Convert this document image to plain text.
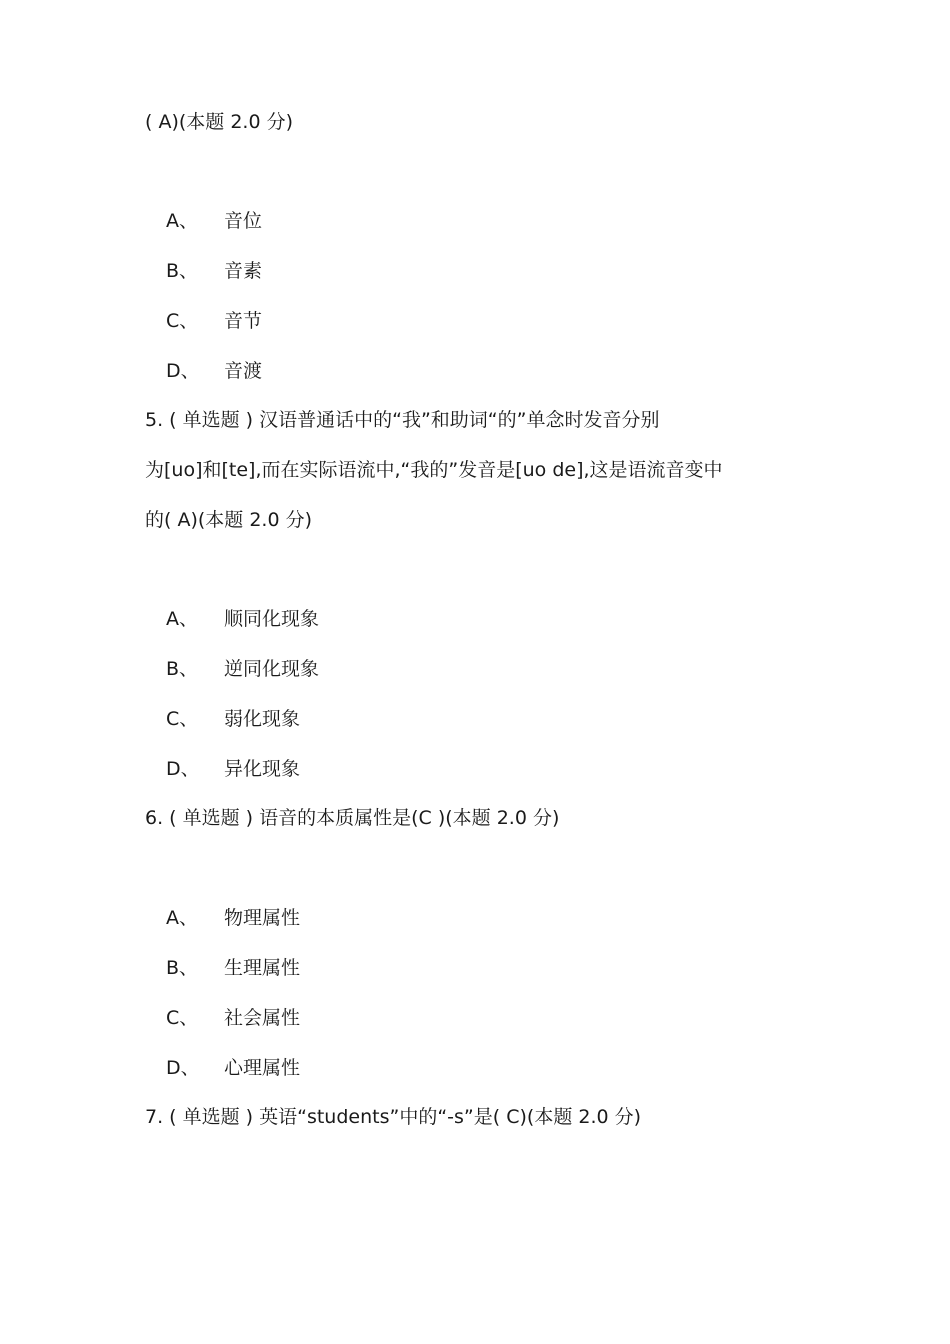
( A)(本题 2.0 分)
A、 音位
B、 音素
C、 音节
D、 音渡
5. ( 单选题 ) 汉语普通话中的“我”和助词“的”单念时发音分别
为[uo]和[te],而在实际语流中,“我的”发音是[uo de],这是语流音变中
的( A)(本题 2.0 分)
A、 顺同化现象
B、 逆同化现象
C、 弱化现象
D、 异化现象
6. ( 单选题 ) 语音的本质属性是(C )(本题 2.0 分)
A、 物理属性
B、 生理属性
C、 社会属性
D、 心理属性
7. ( 单选题 ) 英语“students”中的“-s”是( C)(本题 2.0 分)
